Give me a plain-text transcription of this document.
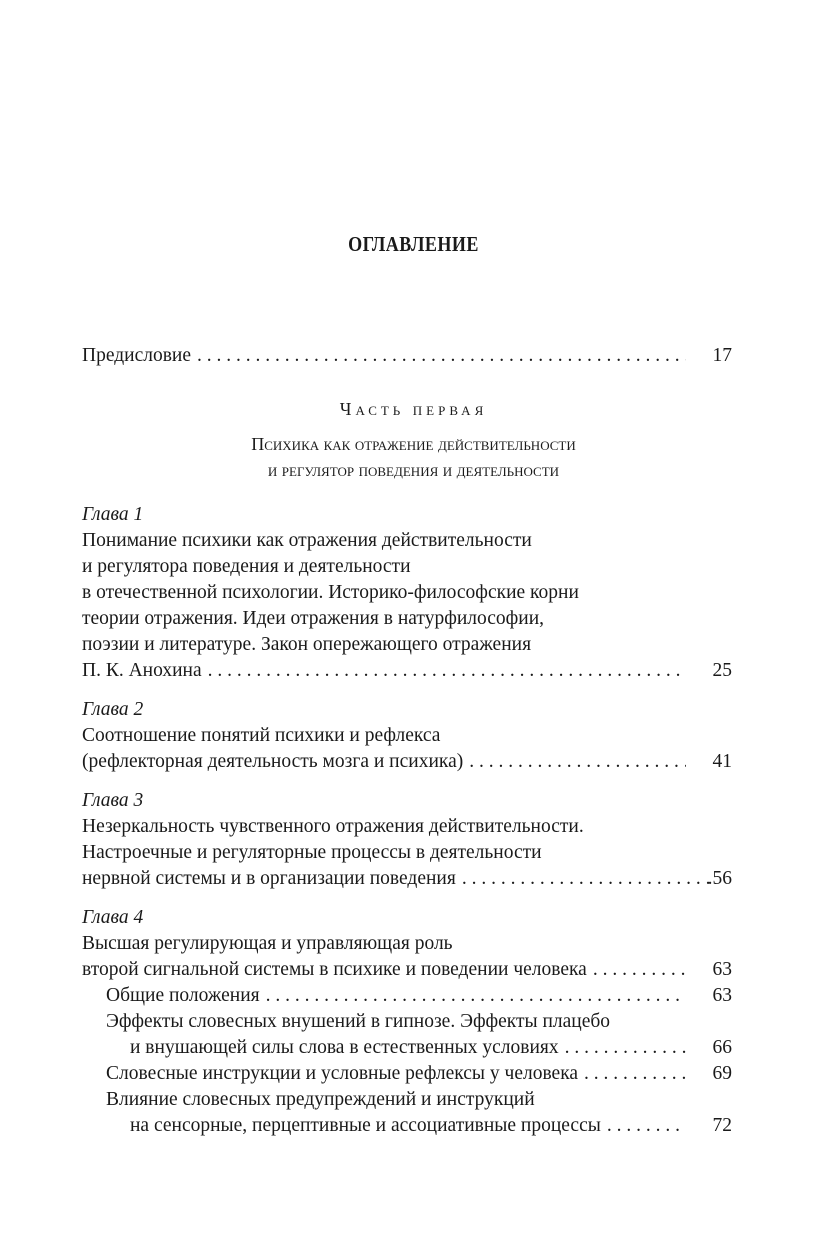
ОГЛАВЛЕНИЕ
Предисловие . . .	17
Часть первая
Психика как отражение действительности
и регулятор поведения и деятельности
Глава 1
Понимание психики как отражения действительности
и регулятора поведения и деятельности
в отечественной психологии. Историко-философские корни
теории отражения. Идеи отражения в натурфилософии,
поэзии и литературе. Закон опережающего отражения
П. К. Анохина . . .	25
Глава 2
Соотношение понятий психики и рефлекса
(рефлекторная деятельность мозга и психика) . . .	41
Глава 3
Незеркальность чувственного отражения действительности.
Настроечные и регуляторные процессы в деятельности
нервной системы и в организации поведения . . .	.56
Глава 4
Высшая регулирующая и управляющая роль
второй сигнальной системы в психике и поведении человека . . .	63
Общие положения . . .	63
Эффекты словесных внушений в гипнозе. Эффекты плацебо
и внушающей силы слова в естественных условиях . . .	66
Словесные инструкции и условные рефлексы у человека . . .	69
Влияние словесных предупреждений и инструкций
на сенсорные, перцептивные и ассоциативные процессы . . .	72
